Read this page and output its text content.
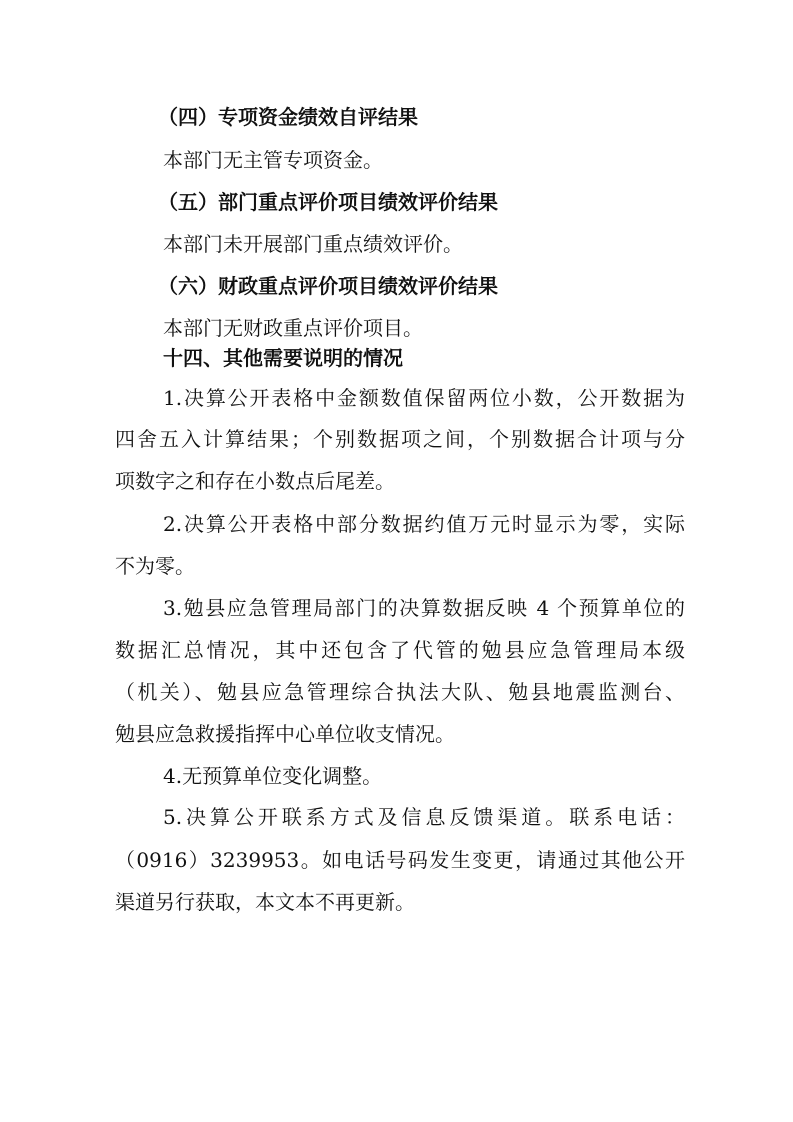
（四）专项资金绩效自评结果
本部门无主管专项资金。
（五）部门重点评价项目绩效评价结果
本部门未开展部门重点绩效评价。
（六）财政重点评价项目绩效评价结果
本部门无财政重点评价项目。
十四、其他需要说明的情况
1.决算公开表格中金额数值保留两位小数，公开数据为
四舍五入计算结果；个别数据项之间，个别数据合计项与分
项数字之和存在小数点后尾差。
2.决算公开表格中部分数据约值万元时显示为零，实际
不为零。
3.勉县应急管理局部门的决算数据反映 4 个预算单位的
数据汇总情况，其中还包含了代管的勉县应急管理局本级
（机关）、勉县应急管理综合执法大队、勉县地震监测台、
勉县应急救援指挥中心单位收支情况。
4.无预算单位变化调整。
5.决算公开联系方式及信息反馈渠道。联系电话：
（0916）3239953。如电话号码发生变更，请通过其他公开
渠道另行获取，本文本不再更新。
